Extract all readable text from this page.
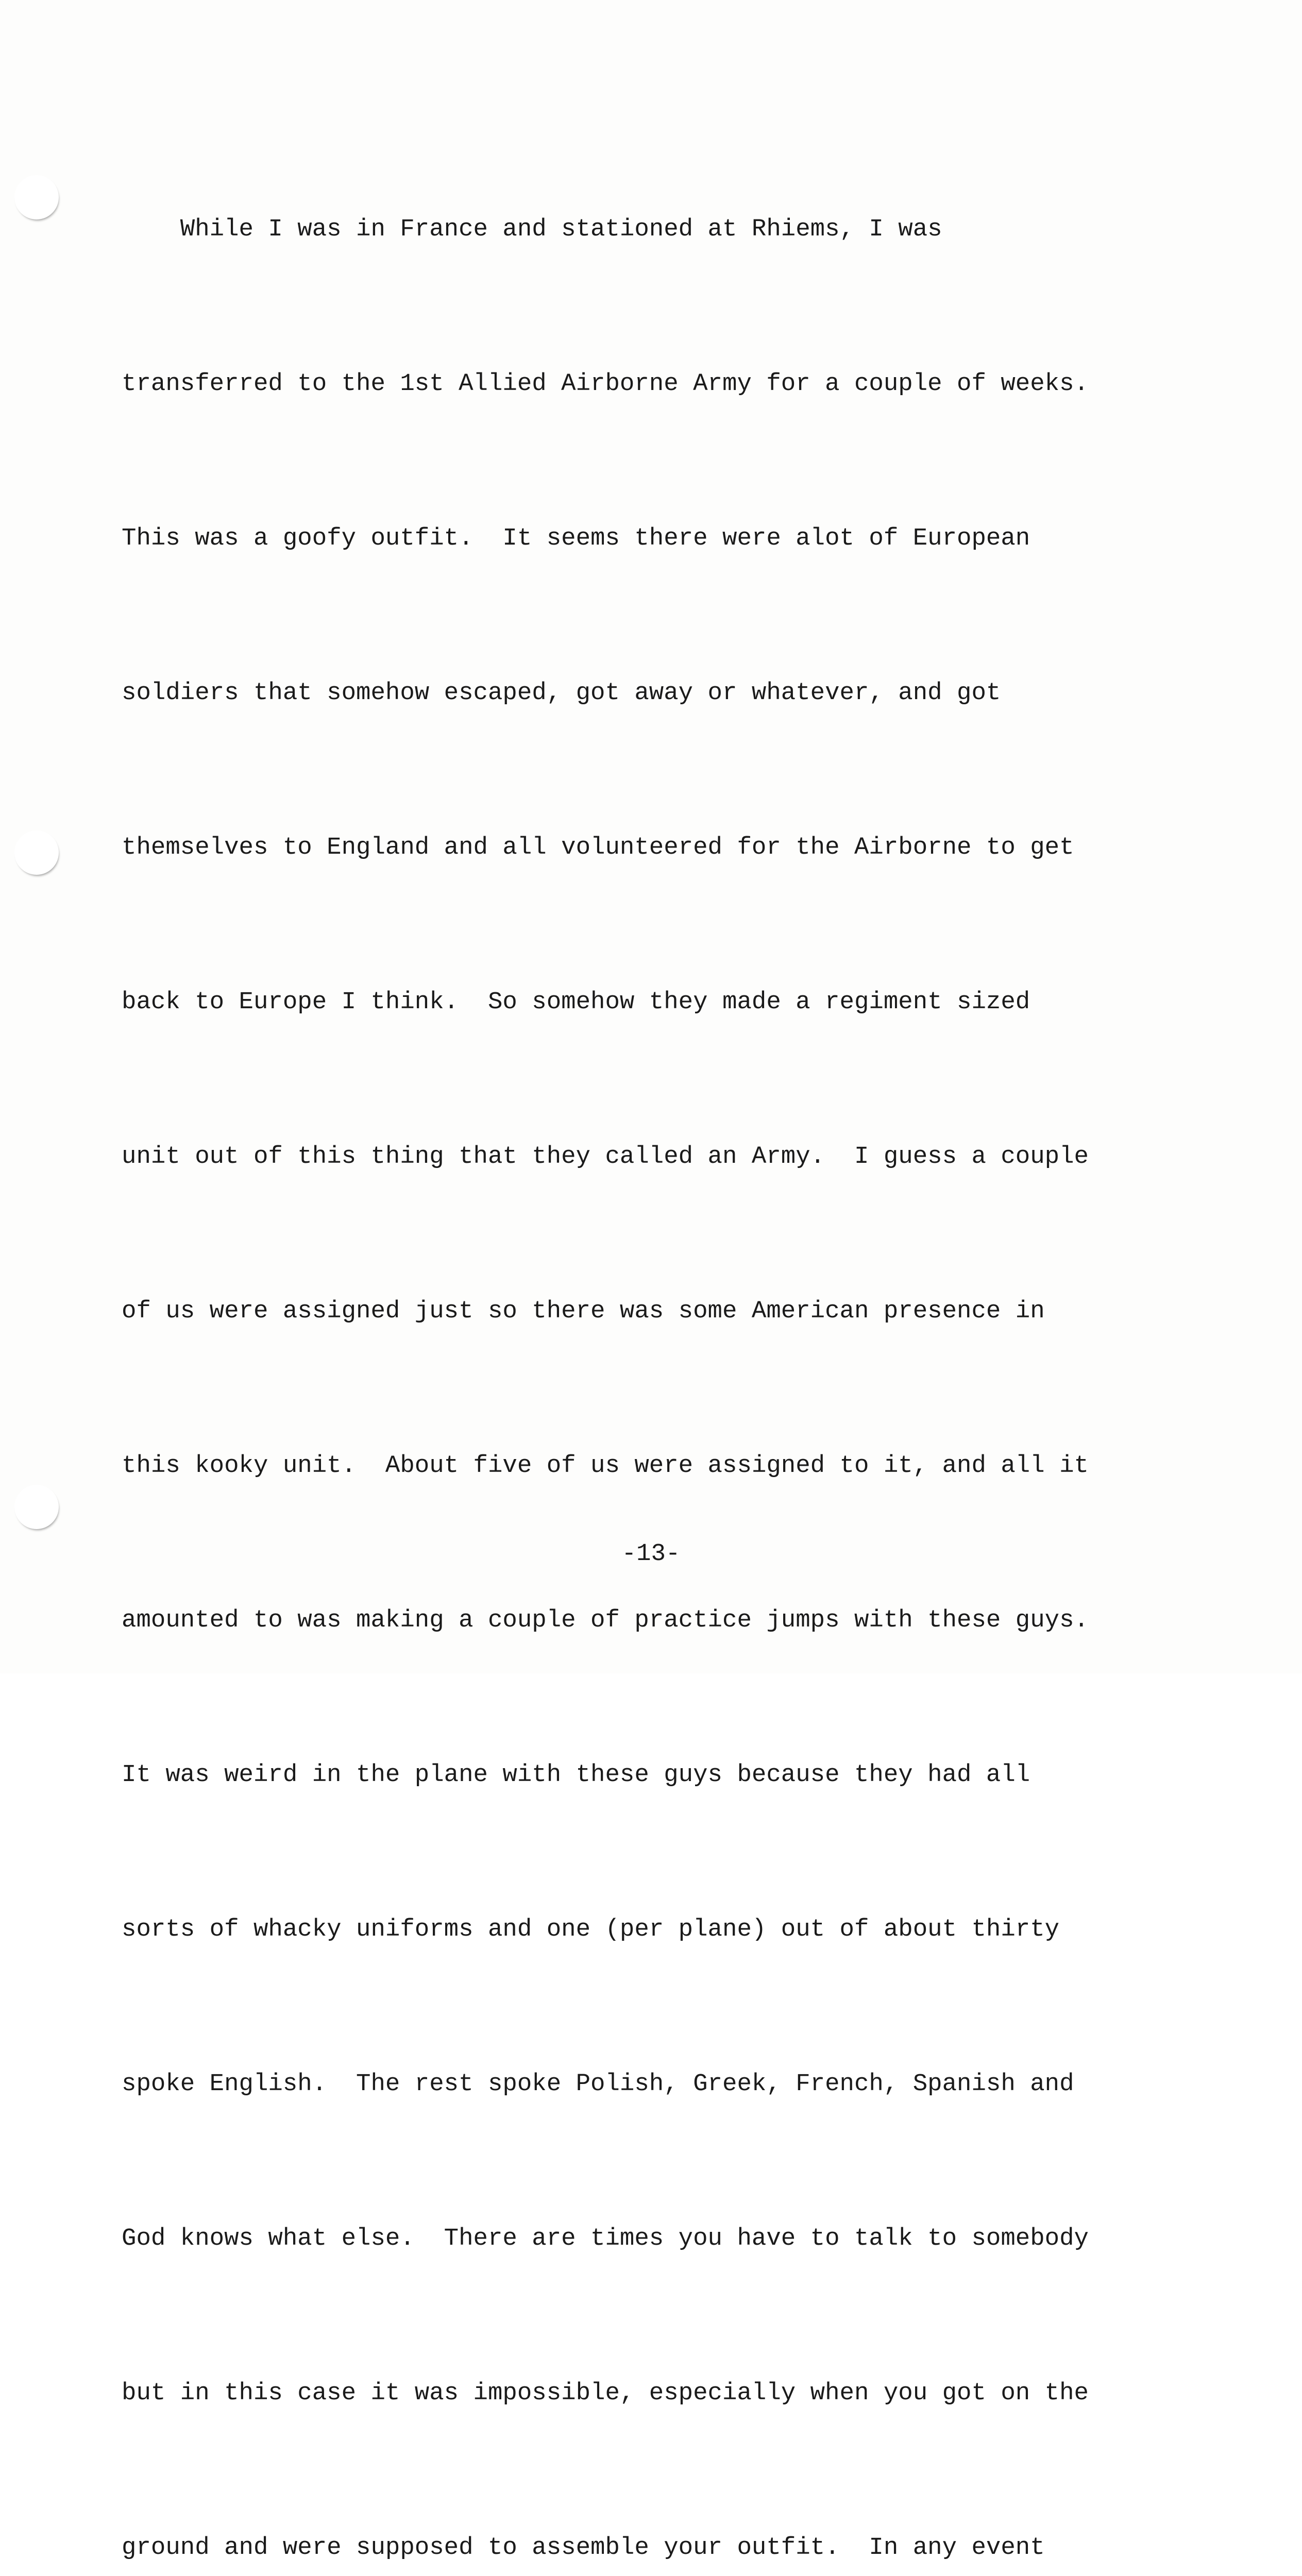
While I was in France and stationed at Rhiems, I was

transferred to the 1st Allied Airborne Army for a couple of weeks.

This was a goofy outfit.  It seems there were alot of European

soldiers that somehow escaped, got away or whatever, and got

themselves to England and all volunteered for the Airborne to get

back to Europe I think.  So somehow they made a regiment sized

unit out of this thing that they called an Army.  I guess a couple

of us were assigned just so there was some American presence in

this kooky unit.  About five of us were assigned to it, and all it

amounted to was making a couple of practice jumps with these guys.

It was weird in the plane with these guys because they had all

sorts of whacky uniforms and one (per plane) out of about thirty

spoke English.  The rest spoke Polish, Greek, French, Spanish and

God knows what else.  There are times you have to talk to somebody

but in this case it was impossible, especially when you got on the

ground and were supposed to assemble your outfit.  In any event

-13-
